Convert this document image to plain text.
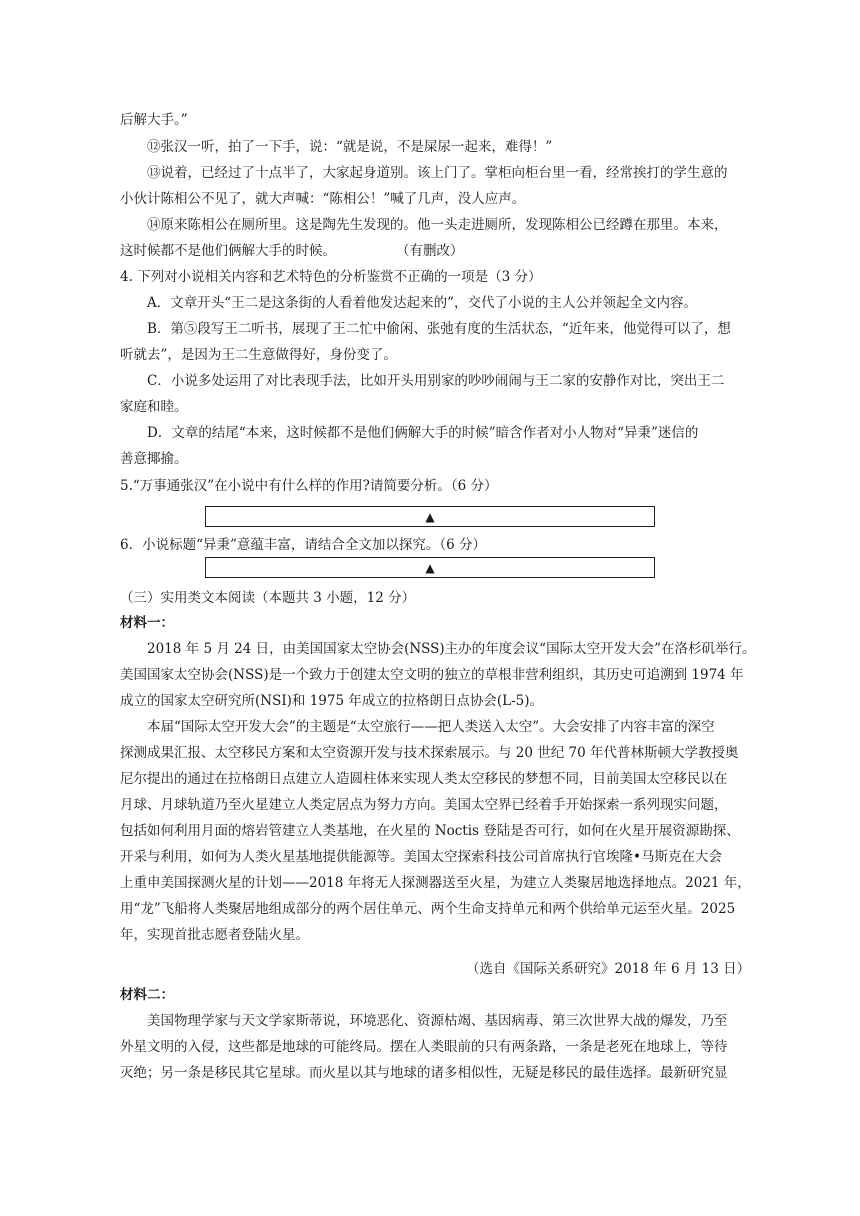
后解大手。”
⑫张汉一听，拍了一下手，说：“就是说，不是屎尿一起来，难得！”
⑬说着，已经过了十点半了，大家起身道别。该上门了。掌柜向柜台里一看，经常挨打的学生意的
小伙计陈相公不见了，就大声喊：“陈相公！”喊了几声，没人应声。
⑭原来陈相公在厕所里。这是陶先生发现的。他一头走进厕所，发现陈相公已经蹲在那里。本来，
这时候都不是他们俩解大手的时候。	（有删改）
4. 下列对小说相关内容和艺术特色的分析鉴赏不正确的一项是（3 分）
A．文章开头“王二是这条街的人看着他发达起来的”，交代了小说的主人公并领起全文内容。
B．第⑤段写王二听书，展现了王二忙中偷闲、张弛有度的生活状态，“近年来，他觉得可以了，想
听就去”，是因为王二生意做得好，身份变了。
C．小说多处运用了对比表现手法，比如开头用别家的吵吵闹闹与王二家的安静作对比，突出王二
家庭和睦。
D．文章的结尾“本来，这时候都不是他们俩解大手的时候”暗含作者对小人物对“异秉”迷信的
善意揶揄。
5.“万事通张汉”在小说中有什么样的作用?请简要分析。（6 分）
▲
6．小说标题“异秉”意蕴丰富，请结合全文加以探究。（6 分）
▲
（三）实用类文本阅读（本题共 3 小题，12 分）
材料一：
2018 年 5 月 24 日，由美国国家太空协会(NSS)主办的年度会议“国际太空开发大会”在洛杉矶举行。
美国国家太空协会(NSS)是一个致力于创建太空文明的独立的草根非营利组织，其历史可追溯到 1974 年
成立的国家太空研究所(NSI)和 1975 年成立的拉格朗日点协会(L-5)。
本届“国际太空开发大会”的主题是“太空旅行——把人类送入太空”。大会安排了内容丰富的深空
探测成果汇报、太空移民方案和太空资源开发与技术探索展示。与 20 世纪 70 年代普林斯顿大学教授奥
尼尔提出的通过在拉格朗日点建立人造圆柱体来实现人类太空移民的梦想不同，目前美国太空移民以在
月球、月球轨道乃至火星建立人类定居点为努力方向。美国太空界已经着手开始探索一系列现实问题，
包括如何利用月面的熔岩管建立人类基地，在火星的 Noctis 登陆是否可行，如何在火星开展资源勘探、
开采与利用，如何为人类火星基地提供能源等。美国太空探索科技公司首席执行官埃隆•马斯克在大会
上重申美国探测火星的计划——2018 年将无人探测器送至火星，为建立人类聚居地选择地点。2021 年，
用“龙”飞船将人类聚居地组成部分的两个居住单元、两个生命支持单元和两个供给单元运至火星。2025
年，实现首批志愿者登陆火星。
（选自《国际关系研究》2018 年 6 月 13 日）
材料二：
美国物理学家与天文学家斯蒂说，环境恶化、资源枯竭、基因病毒、第三次世界大战的爆发，乃至
外星文明的入侵，这些都是地球的可能终局。摆在人类眼前的只有两条路，一条是老死在地球上，等待
灭绝；另一条是移民其它星球。而火星以其与地球的诸多相似性，无疑是移民的最佳选择。最新研究显
